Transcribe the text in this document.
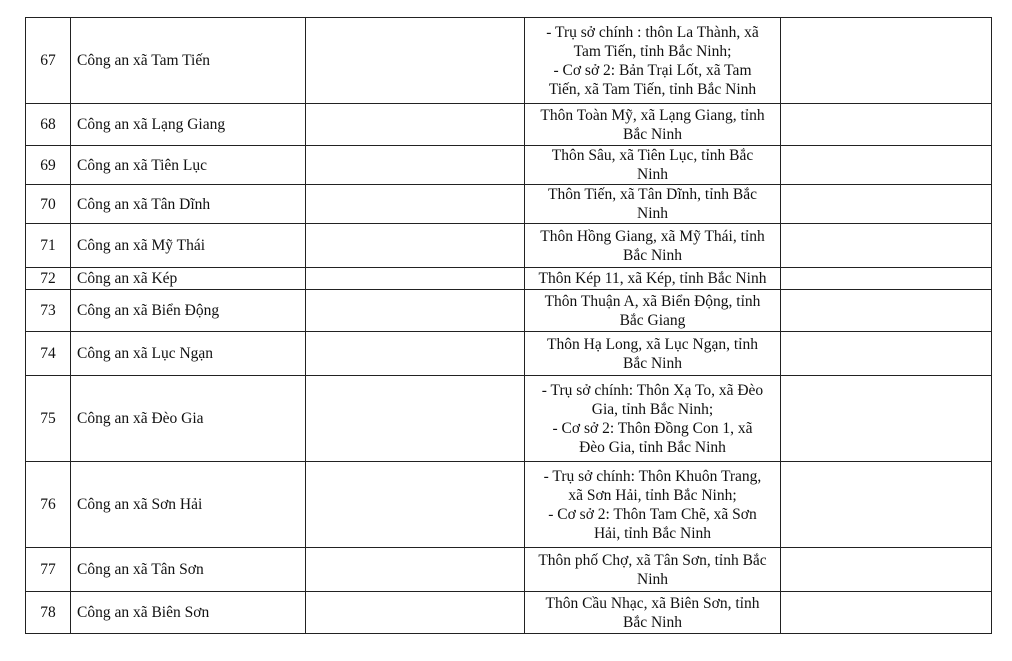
67	Công an xã Tam Tiến		- Trụ sở chính : thôn La Thành, xã
Tam Tiến, tỉnh Bắc Ninh;
- Cơ sở 2: Bản Trại Lốt, xã Tam
Tiến, xã Tam Tiến, tỉnh Bắc Ninh	

68	Công an xã Lạng Giang		Thôn Toàn Mỹ, xã Lạng Giang, tỉnh
Bắc Ninh	

69	Công an xã Tiên Lục		Thôn Sâu, xã Tiên Lục, tỉnh Bắc
Ninh	

70	Công an xã Tân Dĩnh		Thôn Tiến, xã Tân Dĩnh, tỉnh Bắc
Ninh	

71	Công an xã Mỹ Thái		Thôn Hồng Giang, xã Mỹ Thái, tỉnh
Bắc Ninh	

72	Công an xã Kép		Thôn Kép 11, xã Kép, tỉnh Bắc Ninh	

73	Công an xã Biển Động		Thôn Thuận A, xã Biển Động, tỉnh
Bắc Giang	

74	Công an xã Lục Ngạn		Thôn Hạ Long, xã Lục Ngạn, tỉnh
Bắc Ninh	

75	Công an xã Đèo Gia		- Trụ sở chính: Thôn Xạ To, xã Đèo
Gia, tỉnh Bắc Ninh;
- Cơ sở 2: Thôn Đồng Con 1, xã
Đèo Gia, tỉnh Bắc Ninh	

76	Công an xã Sơn Hải		- Trụ sở chính: Thôn Khuôn Trang,
xã Sơn Hải, tỉnh Bắc Ninh;
- Cơ sở 2: Thôn Tam Chẽ, xã Sơn
Hải, tỉnh Bắc Ninh	

77	Công an xã Tân Sơn		Thôn phố Chợ, xã Tân Sơn, tỉnh Bắc
Ninh	

78	Công an xã Biên Sơn		Thôn Cầu Nhạc, xã Biên Sơn, tỉnh
Bắc Ninh	
